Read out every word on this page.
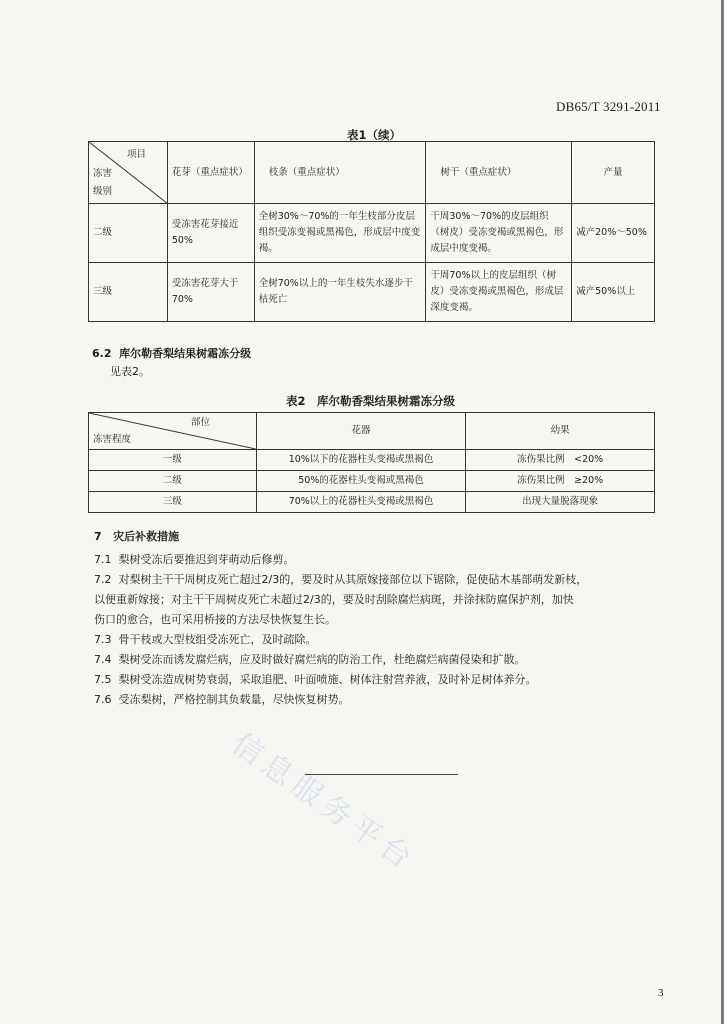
DB65/T 3291-2011
表1（续）
项目
冻害
级别	花芽（重点症状）	枝条（重点症状）	树干（重点症状）	产量
二级	受冻害花芽接近50%	全树30%～70%的一年生枝部分皮层组织受冻变褐或黑褐色，形成层中度变褐。	干周30%～70%的皮层组织（树皮）受冻变褐或黑褐色，形成层中度变褐。	减产20%～50%
三级	受冻害花芽大于70%	全树70%以上的一年生枝失水逐步干枯死亡	干周70%以上的皮层组织（树皮）受冻变褐或黑褐色，形成层深度变褐。	减产50%以上
6.2 库尔勒香梨结果树霜冻分级
见表2。
表2　库尔勒香梨结果树霜冻分级
部位
冻害程度	花器	幼果
一级	10%以下的花器柱头变褐或黑褐色	冻伤果比例　<20%
二级	50%的花器柱头变褐或黑褐色	冻伤果比例　≥20%
三级	70%以上的花器柱头变褐或黑褐色	出现大量脱落现象
7 灾后补救措施
7.1 梨树受冻后要推迟到芽萌动后修剪。
7.2 对梨树主干干周树皮死亡超过2/3的，要及时从其原嫁接部位以下锯除，促使砧木基部萌发新枝，
以便重新嫁接；对主干干周树皮死亡未超过2/3的，要及时刮除腐烂病斑，并涂抹防腐保护剂，加快
伤口的愈合，也可采用桥接的方法尽快恢复生长。
7.3 骨干枝或大型枝组受冻死亡，及时疏除。
7.4 梨树受冻而诱发腐烂病，应及时做好腐烂病的防治工作，杜绝腐烂病菌侵染和扩散。
7.5 梨树受冻造成树势衰弱，采取追肥、叶面喷施、树体注射营养液，及时补足树体养分。
7.6 受冻梨树，严格控制其负载量，尽快恢复树势。
信息服务平台
3
